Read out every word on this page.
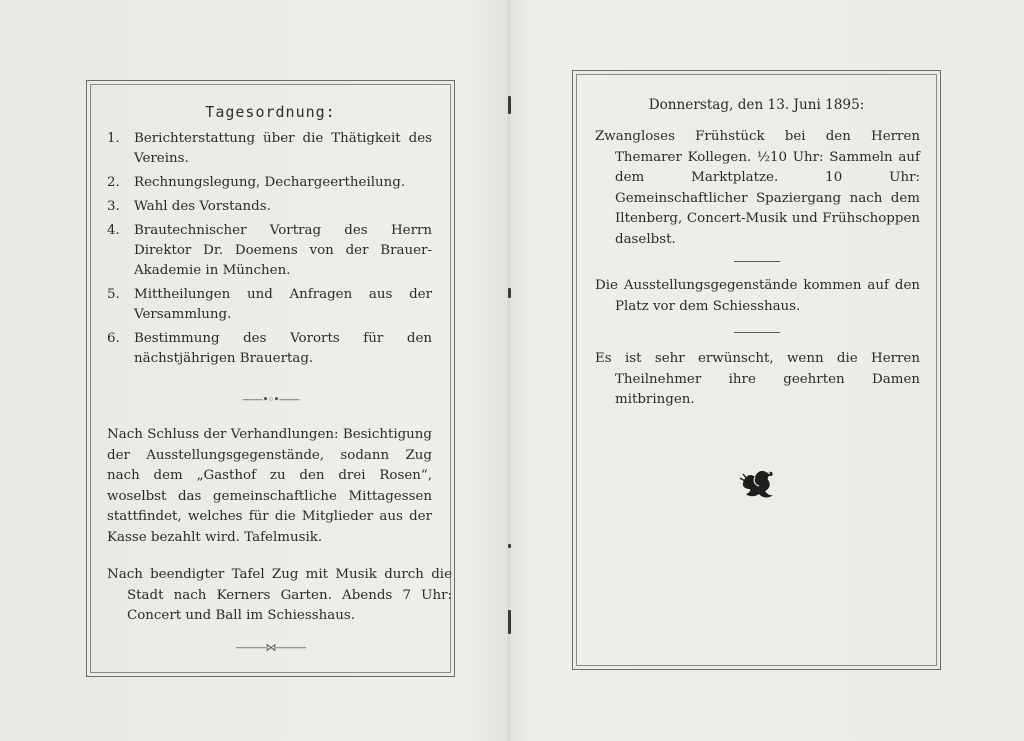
Tagesordnung:
1. Berichterstattung über die Thätigkeit des Vereins.
2. Rechnungslegung, Dechargeertheilung.
3. Wahl des Vorstands.
4. Brautechnischer Vortrag des Herrn Direktor Dr. Doemens von der Brauer-Akademie in München.
5. Mittheilungen und Anfragen aus der Versammlung.
6. Bestimmung des Vororts für den nächstjährigen Brauertag.
——•◦•——

Nach Schluss der Verhandlungen: Besichtigung der Ausstellungsgegenstände, sodann Zug nach dem „Gasthof zu den drei Rosen“, woselbst das gemeinschaftliche Mittagessen stattfindet, welches für die Mitglieder aus der Kasse bezahlt wird. Tafelmusik.

Nach beendigter Tafel Zug mit Musik durch die Stadt nach Kerners Garten. Abends 7 Uhr: Concert und Ball im Schiesshaus.

———⋈———
Donnerstag, den 13. Juni 1895:

Zwangloses Frühstück bei den Herren Themarer Kollegen. ½10 Uhr: Sammeln auf dem Marktplatze. 10 Uhr: Gemeinschaftlicher Spaziergang nach dem Iltenberg, Concert-Musik und Frühschoppen daselbst.

Die Ausstellungsgegenstände kommen auf den Platz vor dem Schiesshaus.

Es ist sehr erwünscht, wenn die Herren Theilnehmer ihre geehrten Damen mitbringen.
